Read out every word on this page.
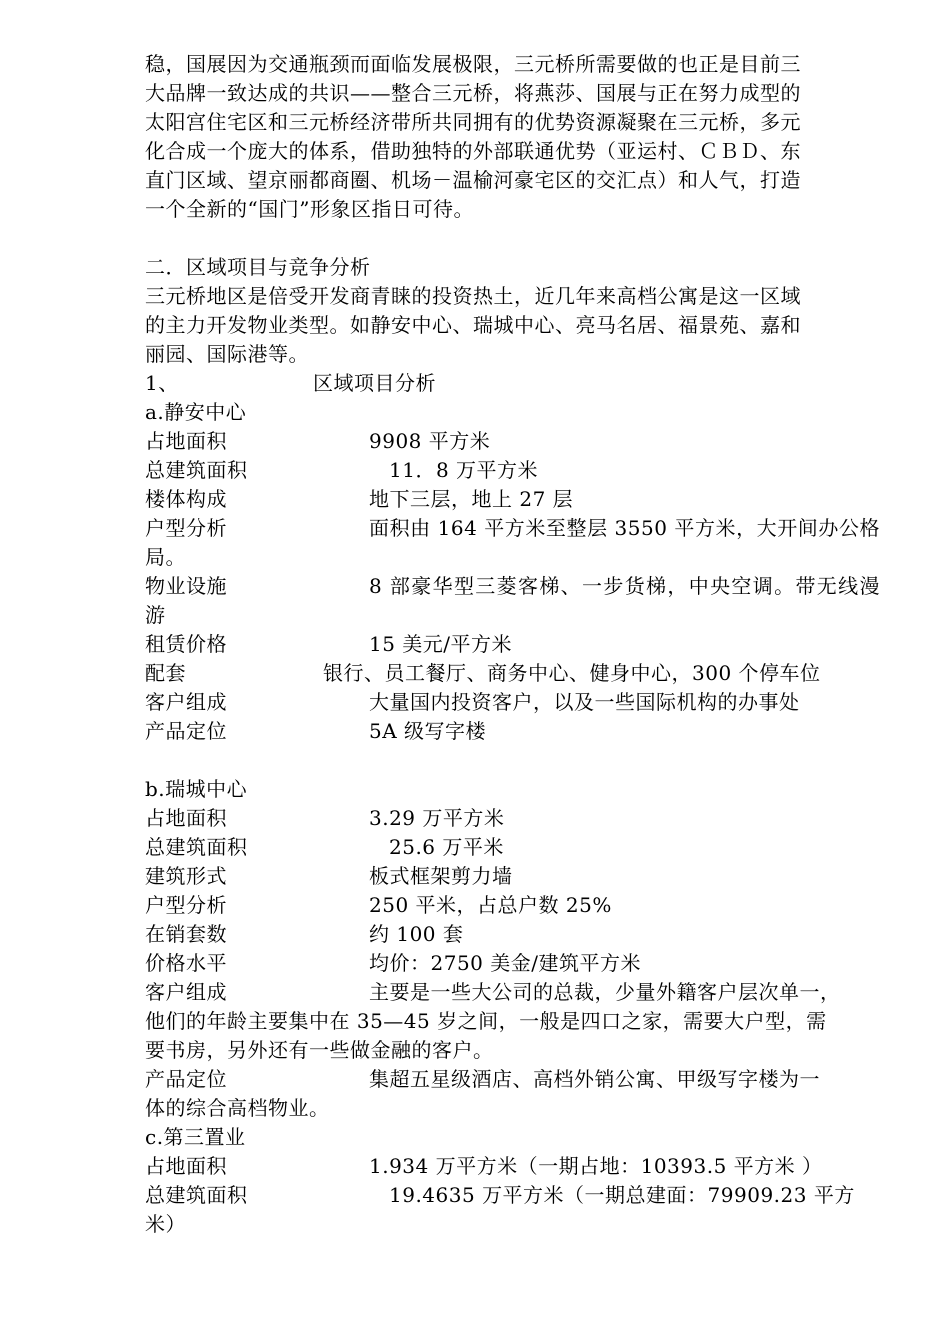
稳，国展因为交通瓶颈而面临发展极限，三元桥所需要做的也正是目前三
大品牌一致达成的共识——整合三元桥，将燕莎、国展与正在努力成型的
太阳宫住宅区和三元桥经济带所共同拥有的优势资源凝聚在三元桥，多元
化合成一个庞大的体系，借助独特的外部联通优势（亚运村、ＣＢＤ、东
直门区域、望京丽都商圈、机场－温榆河豪宅区的交汇点）和人气，打造
一个全新的“国门”形象区指日可待。
二．区域项目与竞争分析
三元桥地区是倍受开发商青睐的投资热土，近几年来高档公寓是这一区域
的主力开发物业类型。如静安中心、瑞城中心、亮马名居、福景苑、嘉和
丽园、国际港等。
1、	区域项目分析
a.静安中心
占地面积	9908 平方米
总建筑面积	11．8 万平方米
楼体构成	地下三层，地上 27 层
户型分析	面积由 164 平方米至整层 3550 平方米，大开间办公格局。
物业设施	8 部豪华型三菱客梯、一步货梯，中央空调。带无线漫游
租赁价格	15 美元/平方米
配套	银行、员工餐厅、商务中心、健身中心，300 个停车位
客户组成	大量国内投资客户，以及一些国际机构的办事处
产品定位	5A 级写字楼
b.瑞城中心
占地面积	3.29 万平方米
总建筑面积	25.6 万平米
建筑形式	板式框架剪力墙
户型分析	250 平米，占总户数 25%
在销套数	约 100 套
价格水平	均价：2750 美金/建筑平方米
客户组成	主要是一些大公司的总裁，少量外籍客户层次单一，
他们的年龄主要集中在 35—45 岁之间，一般是四口之家，需要大户型，需
要书房，另外还有一些做金融的客户。
产品定位	集超五星级酒店、高档外销公寓、甲级写字楼为一
体的综合高档物业。
c.第三置业
占地面积	1.934 万平方米（一期占地：10393.5 平方米 ）
总建筑面积	19.4635 万平方米（一期总建面：79909.23 平方
米）
